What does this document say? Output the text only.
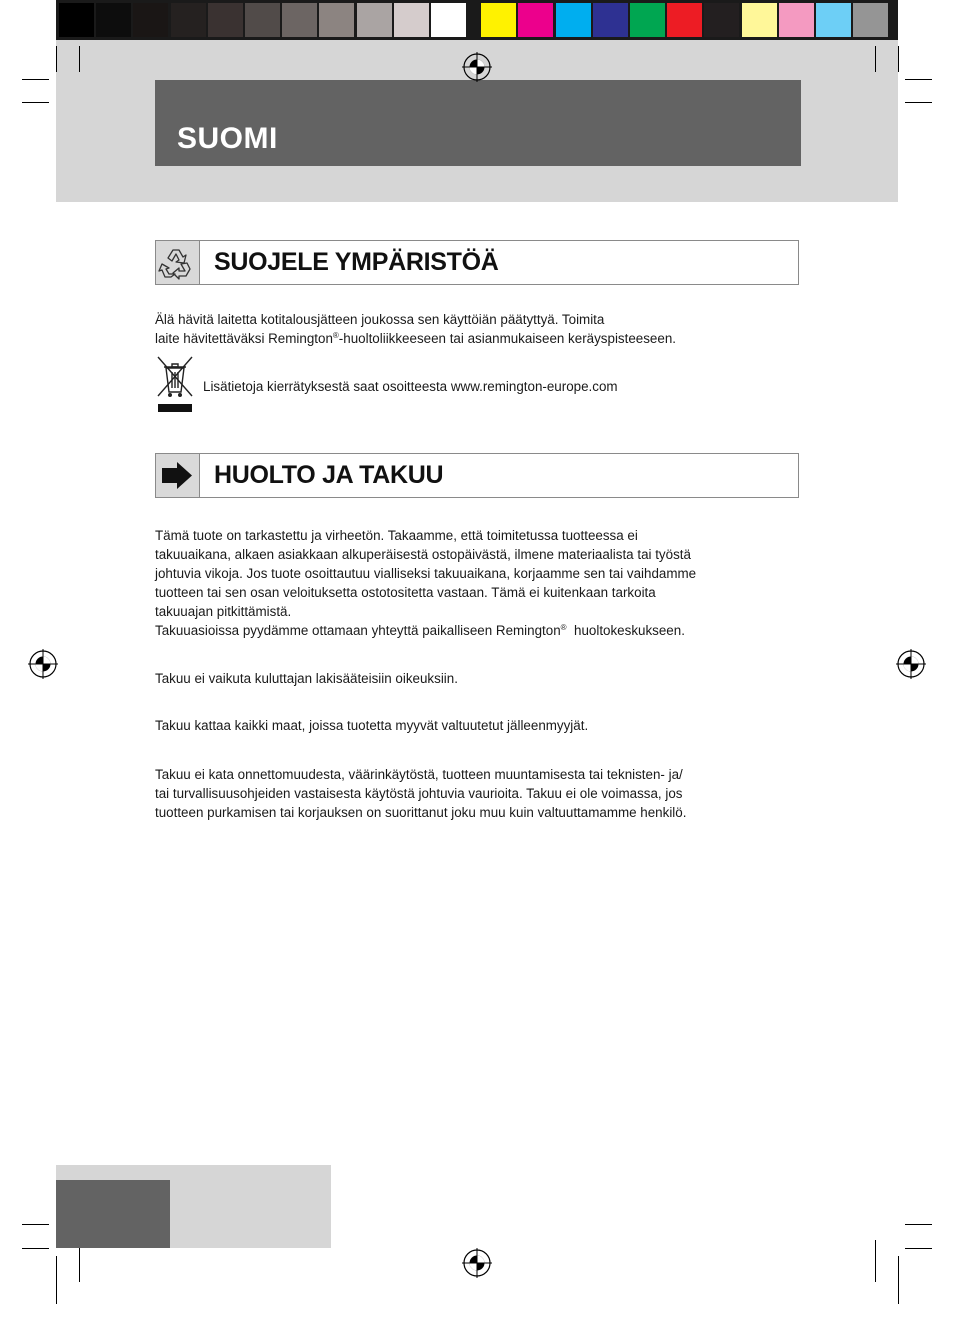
SUOMI
SUOJELE YMPÄRISTÖÄ

Älä hävitä laitetta kotitalousjätteen joukossa sen käyttöiän päätyttyä. Toimita

laite hävitettäväksi Remington®-huoltoliikkeeseen tai asianmukaiseen keräyspisteeseen.

Lisätietoja kierrätyksestä saat osoitteesta www.remington-europe.com
HUOLTO JA TAKUU

Tämä tuote on tarkastettu ja virheetön. Takaamme, että toimitetussa tuotteessa ei

takuuaikana, alkaen asiakkaan alkuperäisestä ostopäivästä, ilmene materiaalista tai työstä

johtuvia vikoja. Jos tuote osoittautuu vialliseksi takuuaikana, korjaamme sen tai vaihdamme

tuotteen tai sen osan veloituksetta ostotositetta vastaan. Tämä ei kuitenkaan tarkoita

takuuajan pitkittämistä.

Takuuasioissa pyydämme ottamaan yhteyttä paikalliseen Remington®  huoltokeskukseen.

Takuu ei vaikuta kuluttajan lakisääteisiin oikeuksiin.
Takuu kattaa kaikki maat, joissa tuotetta myyvät valtuutetut jälleenmyyjät.

Takuu ei kata onnettomuudesta, väärinkäytöstä, tuotteen muuntamisesta tai teknisten- ja/

tai turvallisuusohjeiden vastaisesta käytöstä johtuvia vaurioita. Takuu ei ole voimassa, jos

tuotteen purkamisen tai korjauksen on suorittanut joku muu kuin valtuuttamamme henkilö.
